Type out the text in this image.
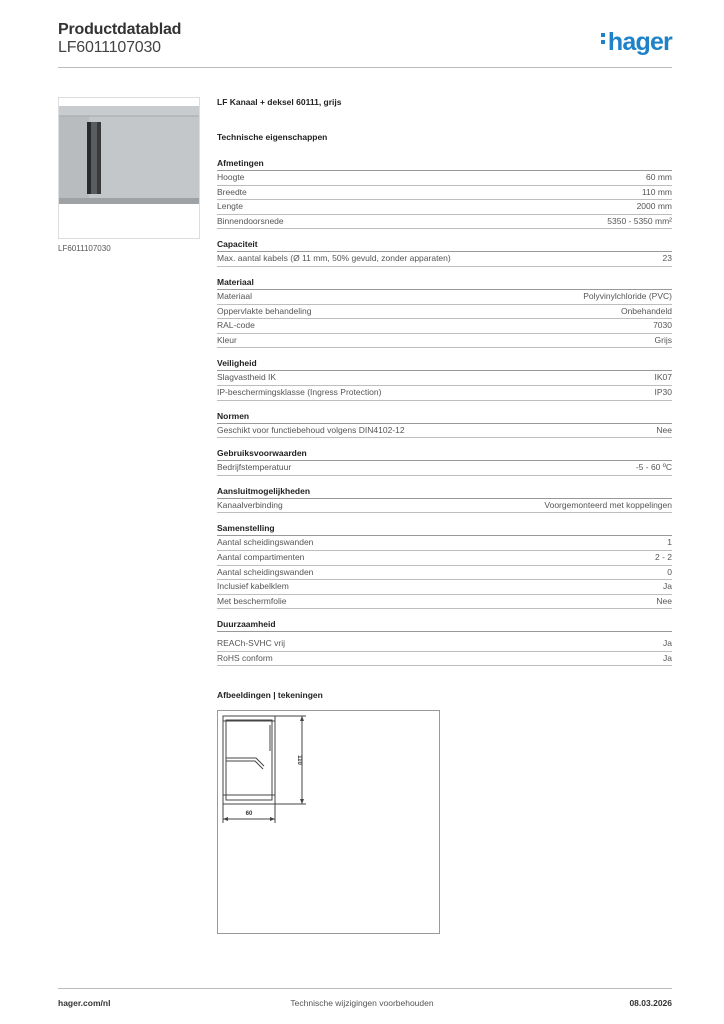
Productdatablad
LF6011107030	hager
LF6011107030
LF Kanaal + deksel 60111, grijs
Technische eigenschappen
Afmetingen
Hoogte	60 mm
Breedte	110 mm
Lengte	2000 mm
Binnendoorsnede	5350 - 5350 mm²
Capaciteit
Max. aantal kabels (Ø 11 mm, 50% gevuld, zonder apparaten)	23
Materiaal
Materiaal	Polyvinylchloride (PVC)
Oppervlakte behandeling	Onbehandeld
RAL-code	7030
Kleur	Grijs
Veiligheid
Slagvastheid IK	IK07
IP-beschermingsklasse (Ingress Protection)	IP30
Normen
Geschikt voor functiebehoud volgens DIN4102-12	Nee
Gebruiksvoorwaarden
Bedrijfstemperatuur	-5 - 60 ºC
Aansluitmogelijkheden
Kanaalverbinding	Voorgemonteerd met koppelingen
Samenstelling
Aantal scheidingswanden	1
Aantal compartimenten	2 - 2
Aantal scheidingswanden	0
Inclusief kabelklem	Ja
Met beschermfolie	Nee
Duurzaamheid
REACh-SVHC vrij	Ja
RoHS conform	Ja
Afbeeldingen | tekeningen
60
110
hager.com/nl	Technische wijzigingen voorbehouden	08.03.2026
